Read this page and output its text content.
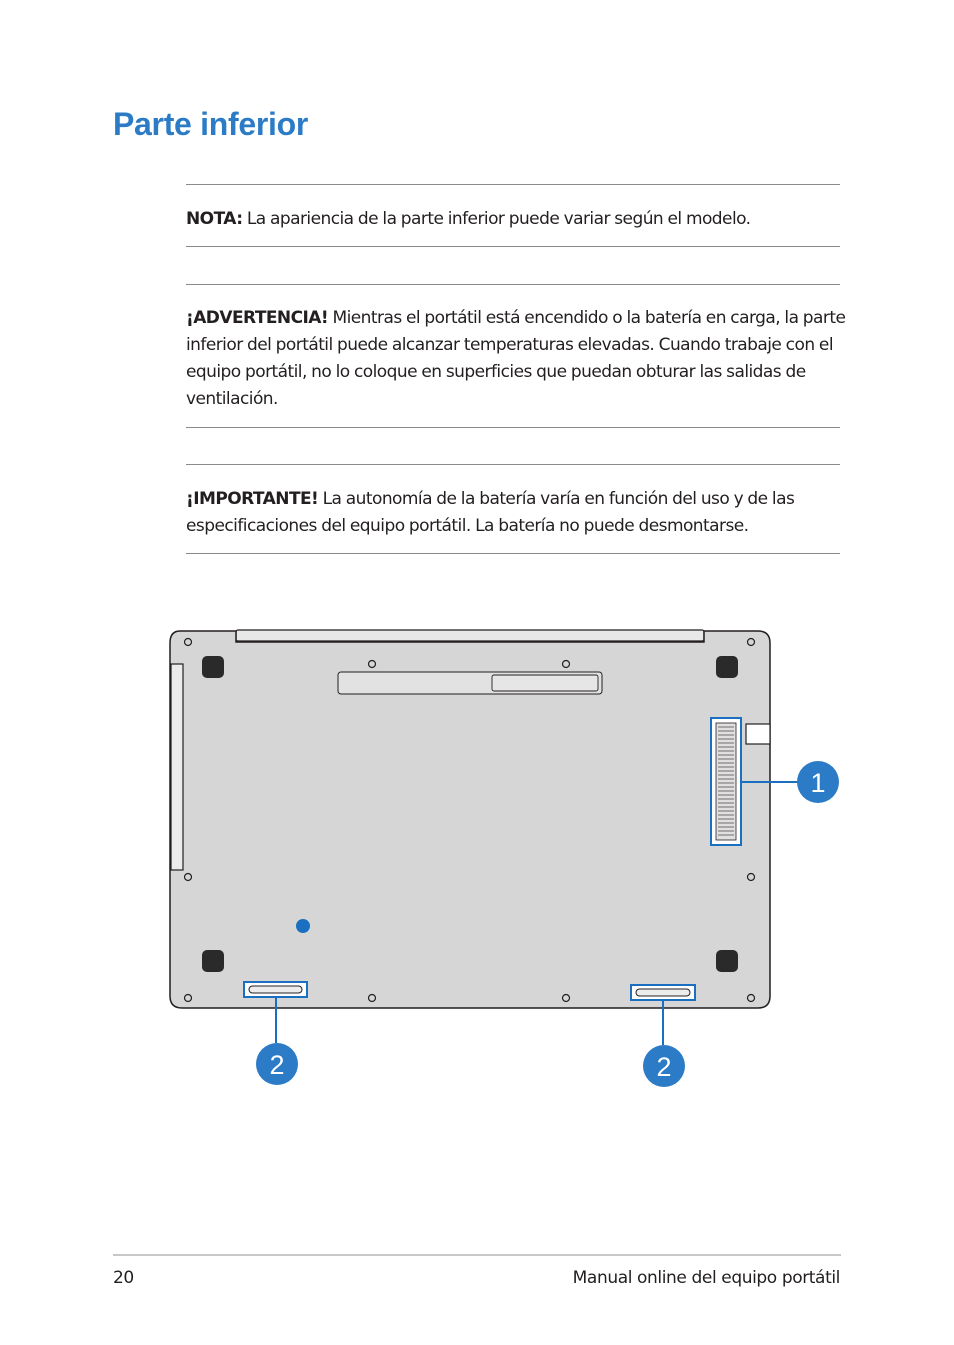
Parte inferior

NOTA: La apariencia de la parte inferior puede variar según el modelo.

¡ADVERTENCIA! Mientras el portátil está encendido o la batería en carga, la parte inferior del portátil puede alcanzar temperaturas elevadas. Cuando trabaje con el equipo portátil, no lo coloque en superficies que puedan obturar las salidas de ventilación.

¡IMPORTANTE! La autonomía de la batería varía en función del uso y de las especificaciones del equipo portátil. La batería no puede desmontarse.

1
2	2

20	Manual online del equipo portátil
